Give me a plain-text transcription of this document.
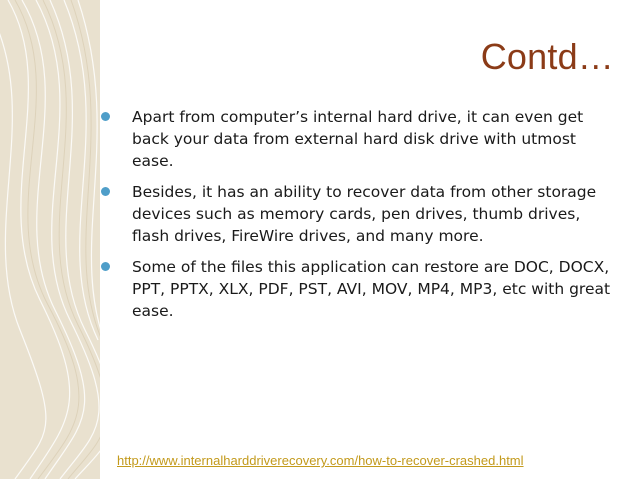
Contd…
Apart from computer’s internal hard drive, it can even get back your data from external hard disk drive with utmost ease.
Besides, it has an ability to recover data from other storage devices such as memory cards, pen drives, thumb drives, flash drives, FireWire drives, and many more.
Some of the files this application can restore are DOC, DOCX, PPT, PPTX, XLX, PDF, PST, AVI, MOV, MP4, MP3, etc with great ease.
http://www.internalharddriverecovery.com/how-to-recover-crashed.html
